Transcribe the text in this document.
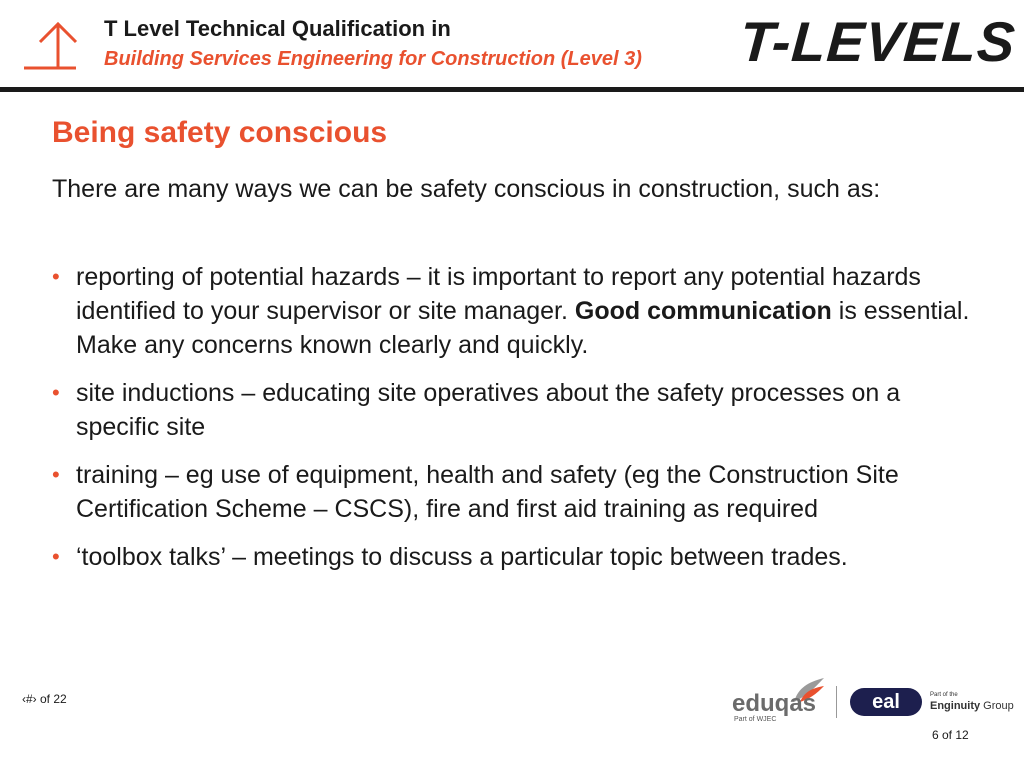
T Level Technical Qualification in
Building Services Engineering for Construction (Level 3) T-LEVELS
Being safety conscious
There are many ways we can be safety conscious in construction, such as:
• reporting of potential hazards – it is important to report any potential hazards identified to your supervisor or site manager. Good communication is essential. Make any concerns known clearly and quickly.
• site inductions – educating site operatives about the safety processes on a specific site
• training – eg use of equipment, health and safety (eg the Construction Site Certification Scheme – CSCS), fire and first aid training as required
• ‘toolbox talks’ – meetings to discuss a particular topic between trades.
‹#› of 22	eduqas
Part of WJEC
eal	Part of the
Enginuity Group
6 of 12
